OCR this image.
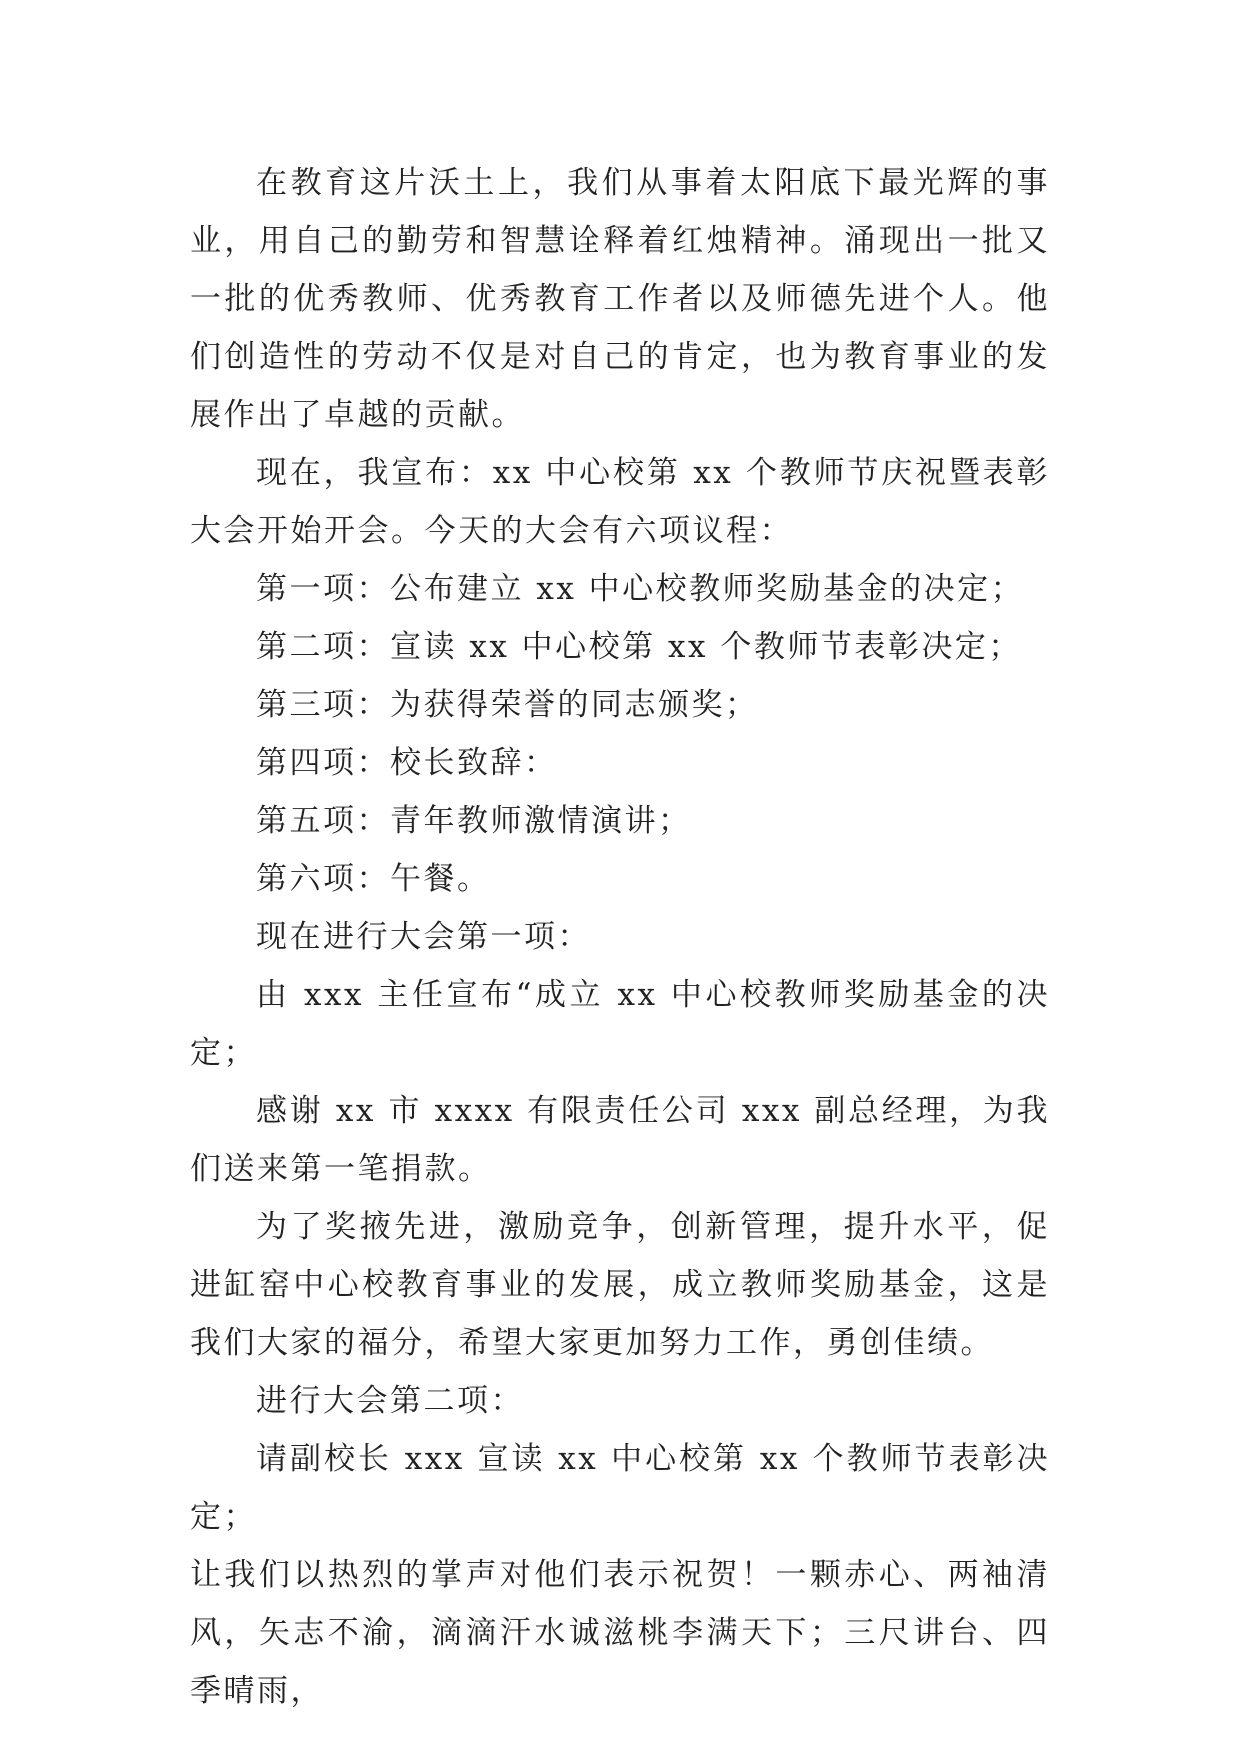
在教育这片沃土上，我们从事着太阳底下最光辉的事业，用自己的勤劳和智慧诠释着红烛精神。涌现出一批又一批的优秀教师、优秀教育工作者以及师德先进个人。他们创造性的劳动不仅是对自己的肯定，也为教育事业的发展作出了卓越的贡献。

现在，我宣布：xx 中心校第 xx 个教师节庆祝暨表彰大会开始开会。今天的大会有六项议程：

第一项：公布建立 xx 中心校教师奖励基金的决定；

第二项：宣读 xx 中心校第 xx 个教师节表彰决定；

第三项：为获得荣誉的同志颁奖；

第四项：校长致辞：

第五项：青年教师激情演讲；

第六项：午餐。

现在进行大会第一项：

由 xxx 主任宣布“成立 xx 中心校教师奖励基金的决定；

感谢 xx 市 xxxx 有限责任公司 xxx 副总经理，为我们送来第一笔捐款。

为了奖掖先进，激励竞争，创新管理，提升水平，促进缸窑中心校教育事业的发展，成立教师奖励基金，这是我们大家的福分，希望大家更加努力工作，勇创佳绩。

进行大会第二项：

请副校长 xxx 宣读 xx 中心校第 xx 个教师节表彰决定；

让我们以热烈的掌声对他们表示祝贺！一颗赤心、两袖清风，矢志不渝，滴滴汗水诚滋桃李满天下；三尺讲台、四季晴雨，
